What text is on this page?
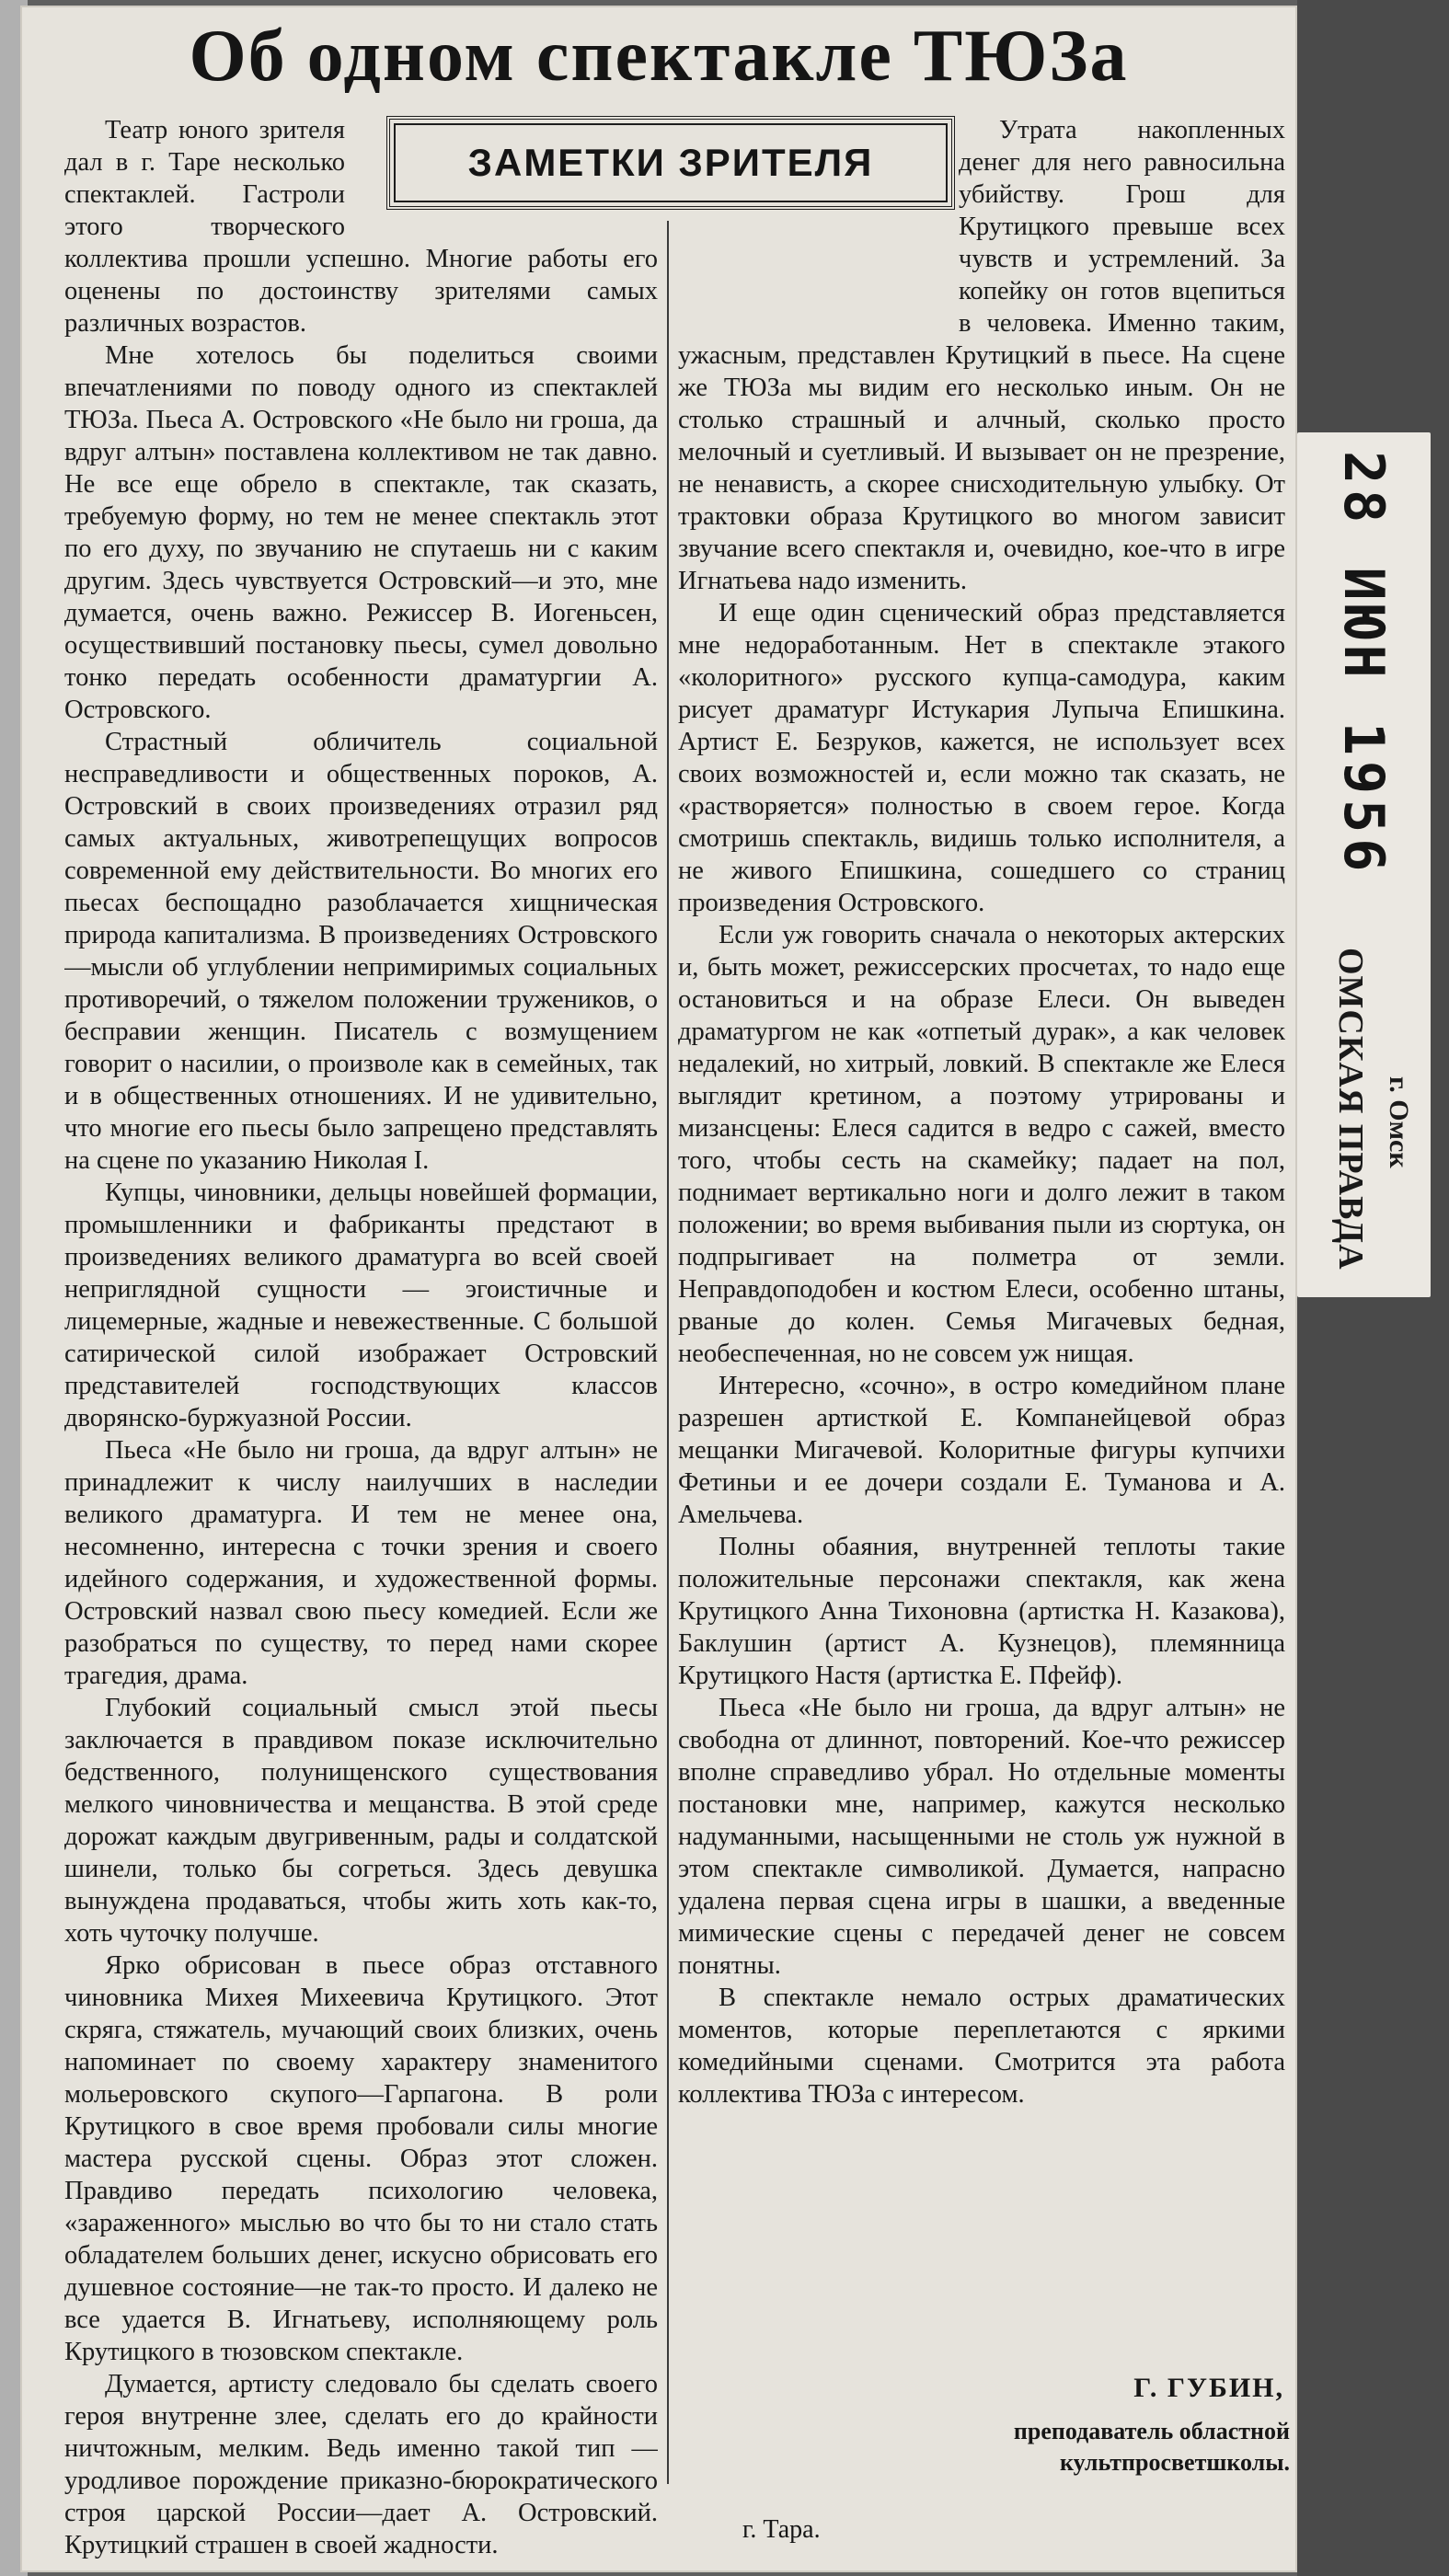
Об одном спектакле ТЮЗа
ЗАМЕТКИ ЗРИТЕЛЯ

Театр юного зрителя дал в г. Таре несколько спектаклей. Гастроли этого творческого коллектива прошли успешно. Многие работы его оценены по достоинству зрителями самых различных возрастов.

Мне хотелось бы поделиться своими впечатлениями по поводу одного из спектаклей ТЮЗа. Пьеса А. Островского «Не было ни гроша, да вдруг алтын» поставлена коллективом не так давно. Не все еще обрело в спектакле, так сказать, требуемую форму, но тем не менее спектакль этот по его духу, по звучанию не спутаешь ни с каким другим. Здесь чувствуется Островский—и это, мне думается, очень важно. Режиссер В. Иогеньсен, осуществивший постановку пьесы, сумел довольно тонко передать особенности драматургии А. Островского.

Страстный обличитель социальной несправедливости и общественных пороков, А. Островский в своих произведениях отразил ряд самых актуальных, животрепещущих вопросов современной ему действительности. Во многих его пьесах беспощадно разоблачается хищническая природа капитализма. В произведениях Островского—мысли об углублении непримиримых социальных противоречий, о тяжелом положении тружеников, о бесправии женщин. Писатель с возмущением говорит о насилии, о произволе как в семейных, так и в общественных отношениях. И не удивительно, что многие его пьесы было запрещено представлять на сцене по указанию Николая I.

Купцы, чиновники, дельцы новейшей формации, промышленники и фабриканты предстают в произведениях великого драматурга во всей своей неприглядной сущности — эгоистичные и лицемерные, жадные и невежественные. С большой сатирической силой изображает Островский представителей господствующих классов дворянско-буржуазной России.

Пьеса «Не было ни гроша, да вдруг алтын» не принадлежит к числу наилучших в наследии великого драматурга. И тем не менее она, несомненно, интересна с точки зрения и своего идейного содержания, и художественной формы. Островский назвал свою пьесу комедией. Если же разобраться по существу, то перед нами скорее трагедия, драма.

Глубокий социальный смысл этой пьесы заключается в правдивом показе исключительно бедственного, полунищенского существования мелкого чиновничества и мещанства. В этой среде дорожат каждым двугривенным, рады и солдатской шинели, только бы согреться. Здесь девушка вынуждена продаваться, чтобы жить хоть как-то, хоть чуточку получше.

Ярко обрисован в пьесе образ отставного чиновника Михея Михеевича Крутицкого. Этот скряга, стяжатель, мучающий своих близких, очень напоминает по своему характеру знаменитого мольеровского скупого—Гарпагона. В роли Крутицкого в свое время пробовали силы многие мастера русской сцены. Образ этот сложен. Правдиво передать психологию человека, «зараженного» мыслью во что бы то ни стало стать обладателем больших денег, искусно обрисовать его душевное состояние—не так-то просто. И далеко не все удается В. Игнатьеву, исполняющему роль Крутицкого в тюзовском спектакле.

Думается, артисту следовало бы сделать своего героя внутренне злее, сделать его до крайности ничтожным, мелким. Ведь именно такой тип — уродливое порождение приказно-бюрократического строя царской России—дает А. Островский. Крутицкий страшен в своей жадности.

Утрата накопленных денег для него равносильна убийству. Грош для Крутицкого превыше всех чувств и устремлений. За копейку он готов вцепиться в человека. Именно таким, ужасным, представлен Крутицкий в пьесе. На сцене же ТЮЗа мы видим его несколько иным. Он не столько страшный и алчный, сколько просто мелочный и суетливый. И вызывает он не презрение, не ненависть, а скорее снисходительную улыбку. От трактовки образа Крутицкого во многом зависит звучание всего спектакля и, очевидно, кое-что в игре Игнатьева надо изменить.

И еще один сценический образ представляется мне недоработанным. Нет в спектакле этакого «колоритного» русского купца-самодура, каким рисует драматург Истукария Лупыча Епишкина. Артист Е. Безруков, кажется, не использует всех своих возможностей и, если можно так сказать, не «растворяется» полностью в своем герое. Когда смотришь спектакль, видишь только исполнителя, а не живого Епишкина, сошедшего со страниц произведения Островского.

Если уж говорить сначала о некоторых актерских и, быть может, режиссерских просчетах, то надо еще остановиться и на образе Елеси. Он выведен драматургом не как «отпетый дурак», а как человек недалекий, но хитрый, ловкий. В спектакле же Елеся выглядит кретином, а поэтому утрированы и мизансцены: Елеся садится в ведро с сажей, вместо того, чтобы сесть на скамейку; падает на пол, поднимает вертикально ноги и долго лежит в таком положении; во время выбивания пыли из сюртука, он подпрыгивает на полметра от земли. Неправдоподобен и костюм Елеси, особенно штаны, рваные до колен. Семья Мигачевых бедная, необеспеченная, но не совсем уж нищая.

Интересно, «сочно», в остро комедийном плане разрешен артисткой Е. Компанейцевой образ мещанки Мигачевой. Колоритные фигуры купчихи Фетиньи и ее дочери создали Е. Туманова и А. Амельчева.

Полны обаяния, внутренней теплоты такие положительные персонажи спектакля, как жена Крутицкого Анна Тихоновна (артистка Н. Казакова), Баклушин (артист А. Кузнецов), племянница Крутицкого Настя (артистка Е. Пфейф).

Пьеса «Не было ни гроша, да вдруг алтын» не свободна от длиннот, повторений. Кое-что режиссер вполне справедливо убрал. Но отдельные моменты постановки мне, например, кажутся несколько надуманными, насыщенными не столь уж нужной в этом спектакле символикой. Думается, напрасно удалена первая сцена игры в шашки, а введенные мимические сцены с передачей денег не совсем понятны.

В спектакле немало острых драматических моментов, которые переплетаются с яркими комедийными сценами. Смотрится эта работа коллектива ТЮЗа с интересом.

Г. ГУБИН,
преподаватель областной
культпросветшколы.
г. Тара.
28 ИЮН 1956
ОМСКАЯ ПРАВДА г. Омск
